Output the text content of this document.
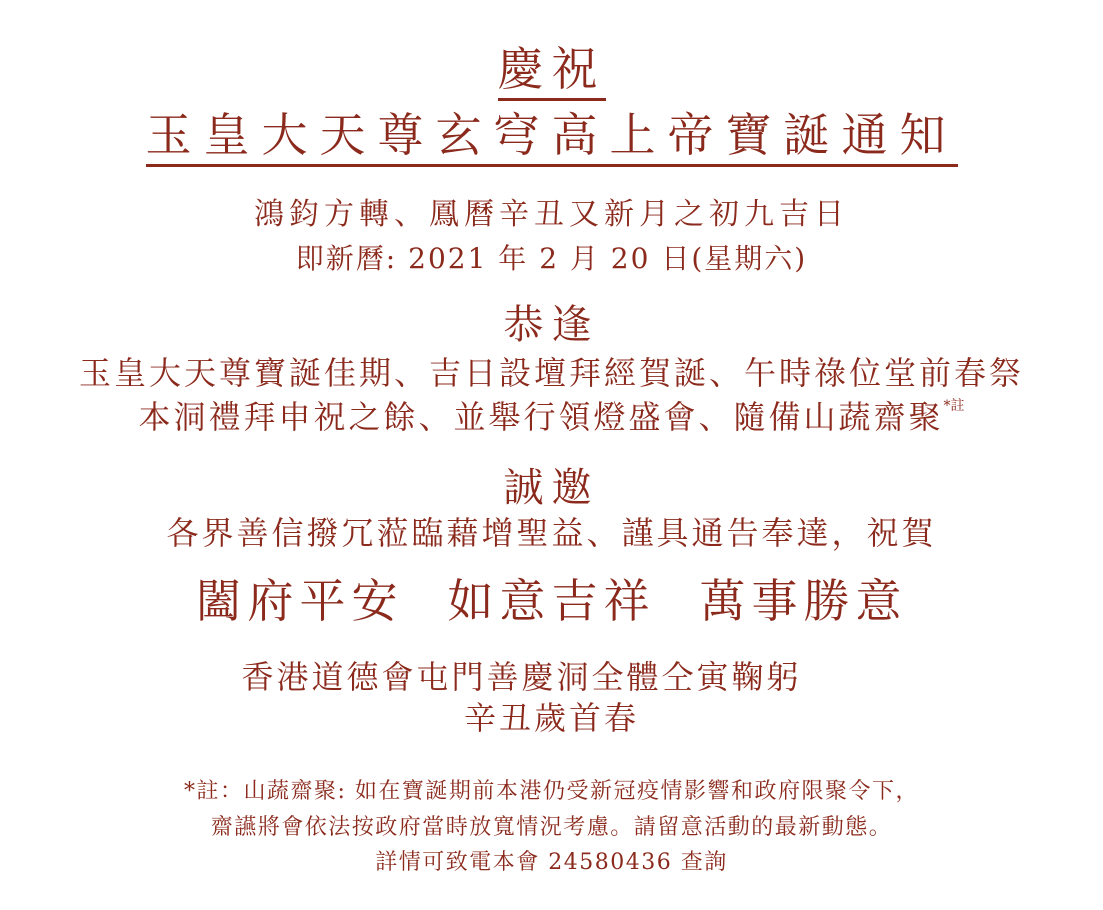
慶祝
玉皇大天尊玄穹高上帝寶誕通知
鴻鈞方轉、鳳曆辛丑又新月之初九吉日
即新曆: 2021 年 2 月 20 日(星期六)
恭逢
玉皇大天尊寶誕佳期、吉日設壇拜經賀誕、午時祿位堂前春祭
本洞禮拜申祝之餘、並舉行領燈盛會、隨備山蔬齋聚$^{*註}$
誠邀
各界善信撥冗蒞臨藉增聖益、謹具通告奉達，祝賀
闔府平安 如意吉祥 萬事勝意
香港道德會屯門善慶洞全體仝寅鞠躬
辛丑歲首春
*註：山蔬齋聚: 如在寶誕期前本港仍受新冠疫情影響和政府限聚令下，
齋讌將會依法按政府當時放寬情況考慮。請留意活動的最新動態。
詳情可致電本會 24580436 查詢
